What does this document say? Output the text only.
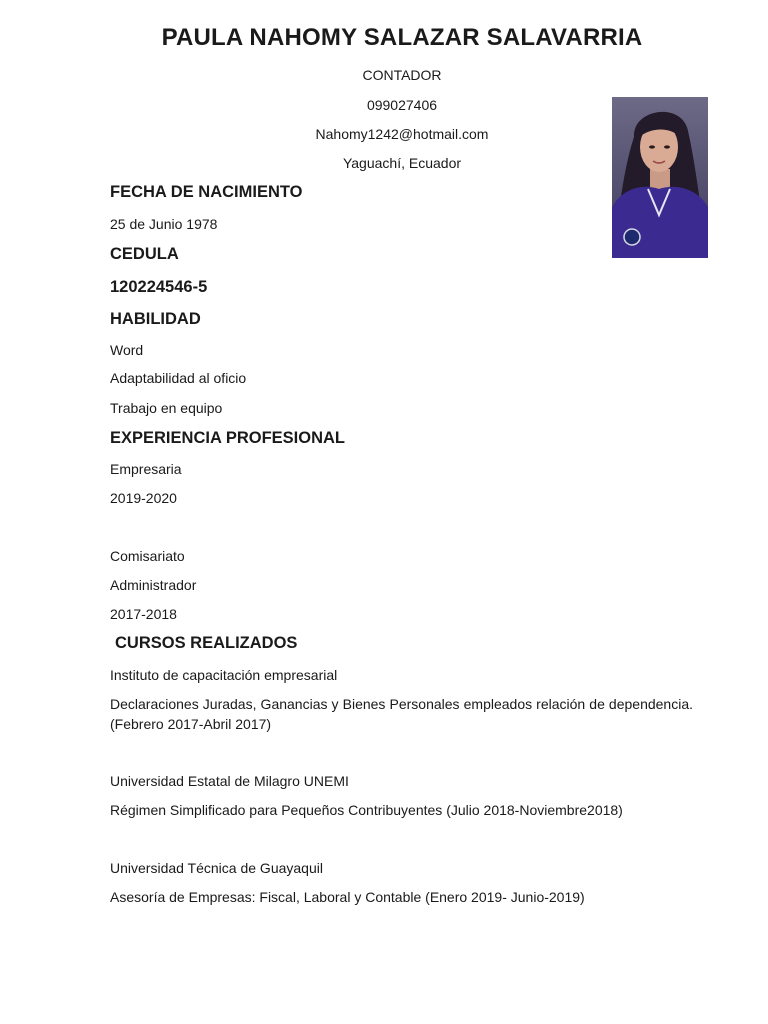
PAULA NAHOMY SALAZAR SALAVARRIA
CONTADOR
099027406
Nahomy1242@hotmail.com
Yaguachí, Ecuador
FECHA DE NACIMIENTO
25 de Junio 1978
CEDULA
120224546-5
HABILIDAD
Word
Adaptabilidad al oficio
Trabajo en equipo
EXPERIENCIA PROFESIONAL
Empresaria
2019-2020
Comisariato
Administrador
2017-2018
CURSOS REALIZADOS
Instituto de capacitación empresarial
Declaraciones Juradas, Ganancias y Bienes Personales empleados relación de dependencia. (Febrero 2017-Abril 2017)
Universidad Estatal de Milagro UNEMI
Régimen Simplificado para Pequeños Contribuyentes (Julio 2018-Noviembre2018)
Universidad Técnica de Guayaquil
Asesoría de Empresas: Fiscal, Laboral y Contable (Enero 2019- Junio-2019)
